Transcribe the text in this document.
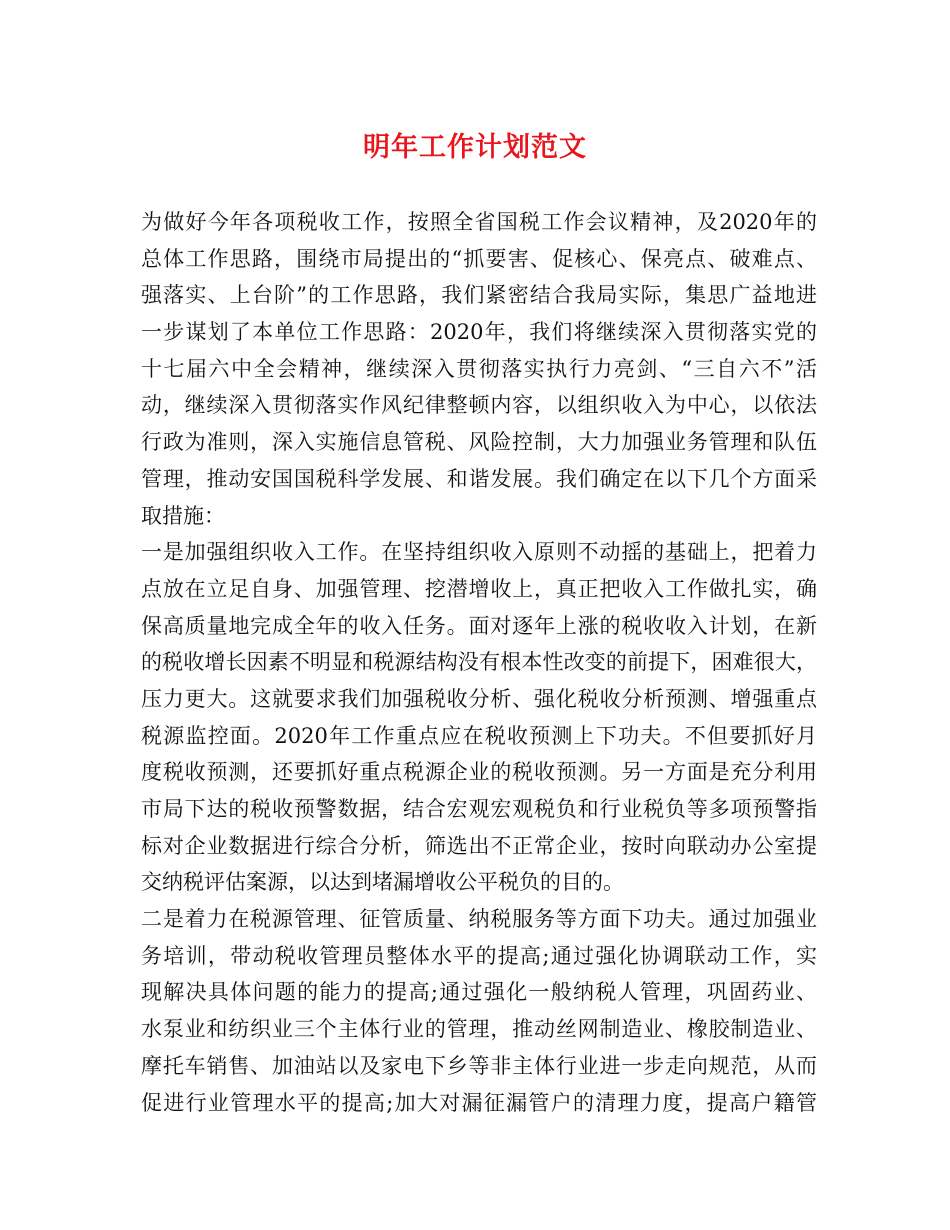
明年工作计划范文
为做好今年各项税收工作，按照全省国税工作会议精神，及2020年的
总体工作思路，围绕市局提出的“抓要害、促核心、保亮点、破难点、
强落实、上台阶”的工作思路，我们紧密结合我局实际，集思广益地进
一步谋划了本单位工作思路：2020年，我们将继续深入贯彻落实党的
十七届六中全会精神，继续深入贯彻落实执行力亮剑、“三自六不”活
动，继续深入贯彻落实作风纪律整顿内容，以组织收入为中心，以依法
行政为准则，深入实施信息管税、风险控制，大力加强业务管理和队伍
管理，推动安国国税科学发展、和谐发展。我们确定在以下几个方面采
取措施：
一是加强组织收入工作。在坚持组织收入原则不动摇的基础上，把着力
点放在立足自身、加强管理、挖潜增收上，真正把收入工作做扎实，确
保高质量地完成全年的收入任务。面对逐年上涨的税收收入计划，在新
的税收增长因素不明显和税源结构没有根本性改变的前提下，困难很大，
压力更大。这就要求我们加强税收分析、强化税收分析预测、增强重点
税源监控面。2020年工作重点应在税收预测上下功夫。不但要抓好月
度税收预测，还要抓好重点税源企业的税收预测。另一方面是充分利用
市局下达的税收预警数据，结合宏观宏观税负和行业税负等多项预警指
标对企业数据进行综合分析，筛选出不正常企业，按时向联动办公室提
交纳税评估案源，以达到堵漏增收公平税负的目的。
二是着力在税源管理、征管质量、纳税服务等方面下功夫。通过加强业
务培训，带动税收管理员整体水平的提高;通过强化协调联动工作，实
现解决具体问题的能力的提高;通过强化一般纳税人管理，巩固药业、
水泵业和纺织业三个主体行业的管理，推动丝网制造业、橡胶制造业、
摩托车销售、加油站以及家电下乡等非主体行业进一步走向规范，从而
促进行业管理水平的提高;加大对漏征漏管户的清理力度，提高户籍管
